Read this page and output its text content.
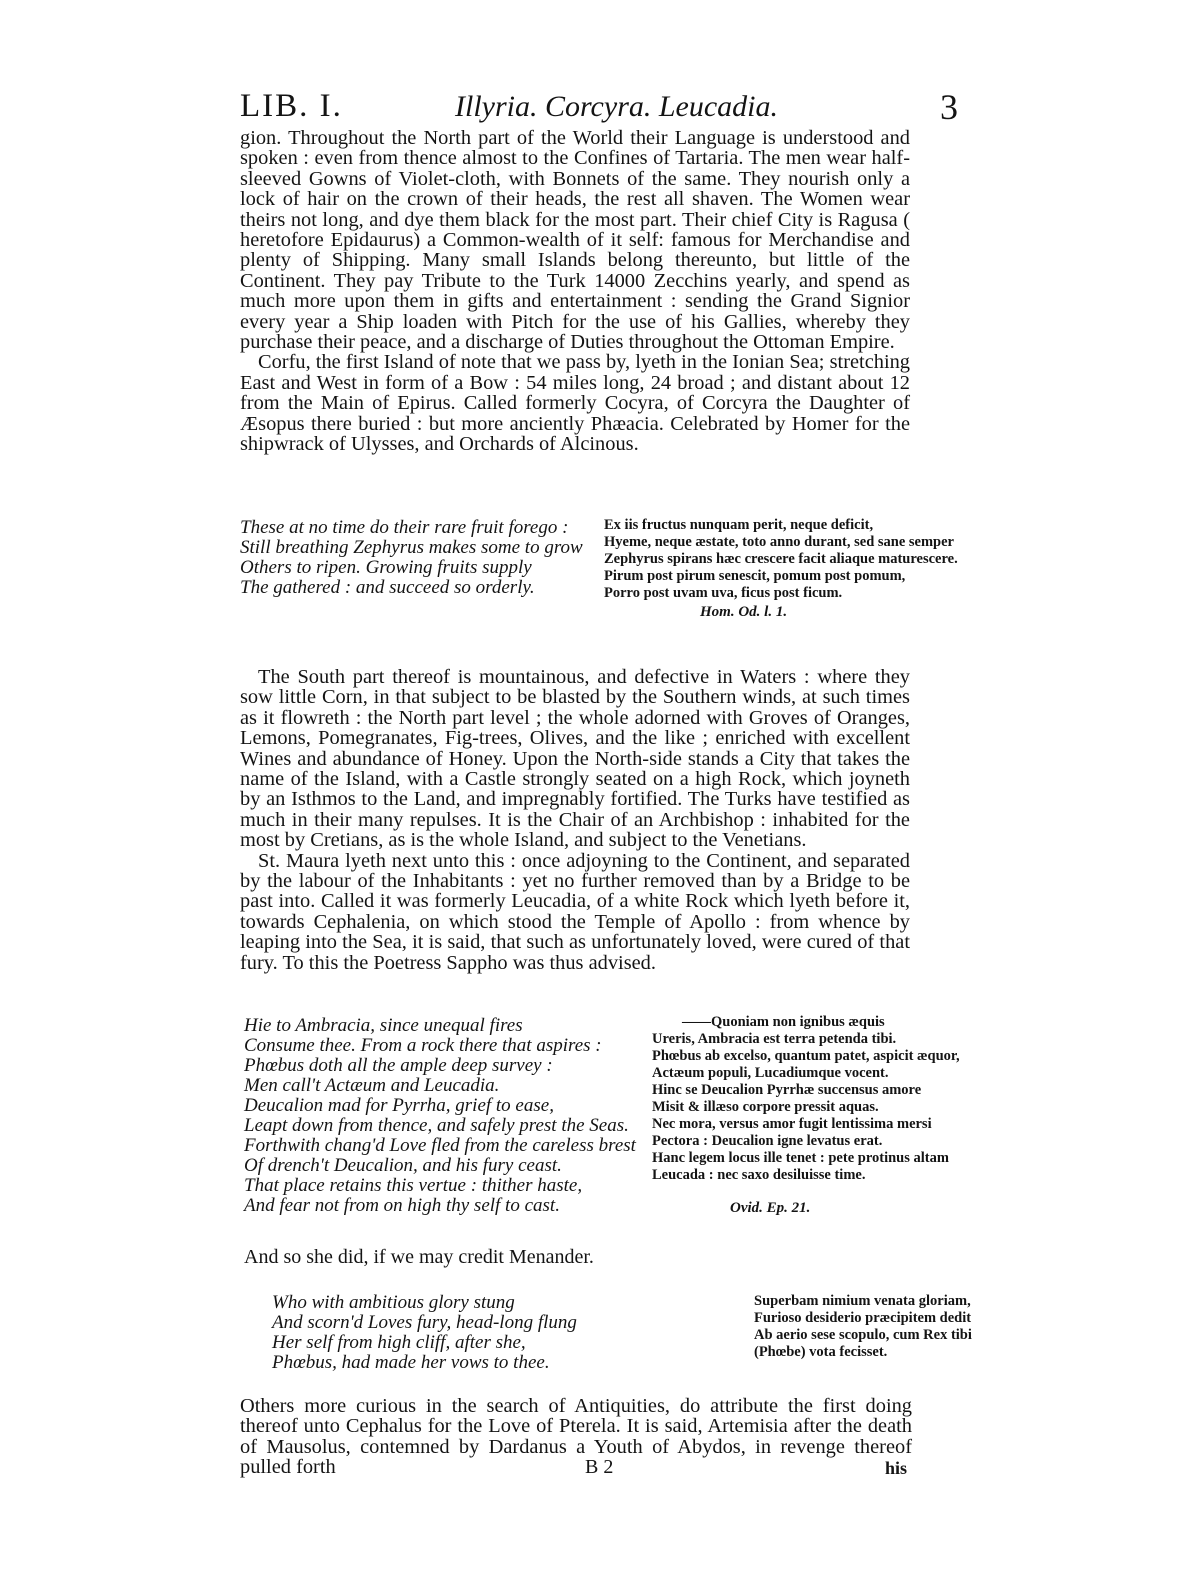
LIB. I.	Illyria. Corcyra. Leucadia.	3

gion. Throughout the North part of the World their Language is understood and spoken : even from thence almost to the Confines of Tartaria. The men wear half-sleeved Gowns of Violet-cloth, with Bonnets of the same. They nourish only a lock of hair on the crown of their heads, the rest all shaven. The Women wear theirs not long, and dye them black for the most part. Their chief City is Ragusa ( heretofore Epidaurus) a Common-wealth of it self: famous for Merchandise and plenty of Shipping. Many small Islands belong thereunto, but little of the Continent. They pay Tribute to the Turk 14000 Zecchins yearly, and spend as much more upon them in gifts and entertainment : sending the Grand Signior every year a Ship loaden with Pitch for the use of his Gallies, whereby they purchase their peace, and a discharge of Duties throughout the Ottoman Empire.

Corfu, the first Island of note that we pass by, lyeth in the Ionian Sea; stretching East and West in form of a Bow : 54 miles long, 24 broad ; and distant about 12 from the Main of Epirus. Called formerly Cocyra, of Corcyra the Daughter of Æsopus there buried : but more anciently Phæacia. Celebrated by Homer for the shipwrack of Ulysses, and Orchards of Alcinous.

These at no time do their rare fruit forego :
Still breathing Zephyrus makes some to grow
Others to ripen. Growing fruits supply
The gathered : and succeed so orderly.
Ex iis fructus nunquam perit, neque deficit,
Hyeme, neque æstate, toto anno durant, sed sane semper
Zephyrus spirans hæc crescere facit aliaque maturescere.
Pirum post pirum senescit, pomum post pomum,
Porro post uvam uva, ficus post ficum.
Hom. Od. l. 1.

The South part thereof is mountainous, and defective in Waters : where they sow little Corn, in that subject to be blasted by the Southern winds, at such times as it flowreth : the North part level ; the whole adorned with Groves of Oranges, Lemons, Pomegranates, Fig-trees, Olives, and the like ; enriched with excellent Wines and abundance of Honey. Upon the North-side stands a City that takes the name of the Island, with a Castle strongly seated on a high Rock, which joyneth by an Isthmos to the Land, and impregnably fortified. The Turks have testified as much in their many repulses. It is the Chair of an Archbishop : inhabited for the most by Cretians, as is the whole Island, and subject to the Venetians.

St. Maura lyeth next unto this : once adjoyning to the Continent, and separated by the labour of the Inhabitants : yet no further removed than by a Bridge to be past into. Called it was formerly Leucadia, of a white Rock which lyeth before it, towards Cephalenia, on which stood the Temple of Apollo : from whence by leaping into the Sea, it is said, that such as unfortunately loved, were cured of that fury. To this the Poetress Sappho was thus advised.

Hie to Ambracia, since unequal fires
Consume thee. From a rock there that aspires :
Phœbus doth all the ample deep survey :
Men call't Actæum and Leucadia.
Deucalion mad for Pyrrha, grief to ease,
Leapt down from thence, and safely prest the Seas.
Forthwith chang'd Love fled from the careless brest
Of drench't Deucalion, and his fury ceast.
That place retains this vertue : thither haste,
And fear not from on high thy self to cast.
——Quoniam non ignibus æquis
Ureris, Ambracia est terra petenda tibi.
Phœbus ab excelso, quantum patet, aspicit æquor,
Actæum populi, Lucadiumque vocent.
Hinc se Deucalion Pyrrhæ succensus amore
Misit & illæso corpore pressit aquas.
Nec mora, versus amor fugit lentissima mersi
Pectora : Deucalion igne levatus erat.
Hanc legem locus ille tenet : pete protinus altam
Leucada : nec saxo desiluisse time.
Ovid. Ep. 21.
And so she did, if we may credit Menander.
Who with ambitious glory stung
And scorn'd Loves fury, head-long flung
Her self from high cliff, after she,
Phœbus, had made her vows to thee.
Superbam nimium venata gloriam,
Furioso desiderio præcipitem dedit
Ab aerio sese scopulo, cum Rex tibi
(Phœbe) vota fecisset.

Others more curious in the search of Antiquities, do attribute the first doing thereof unto Cephalus for the Love of Pterela. It is said, Artemisia after the death of Mausolus, contemned by Dardanus a Youth of Abydos, in revenge thereof pulled forth	B 2	his
